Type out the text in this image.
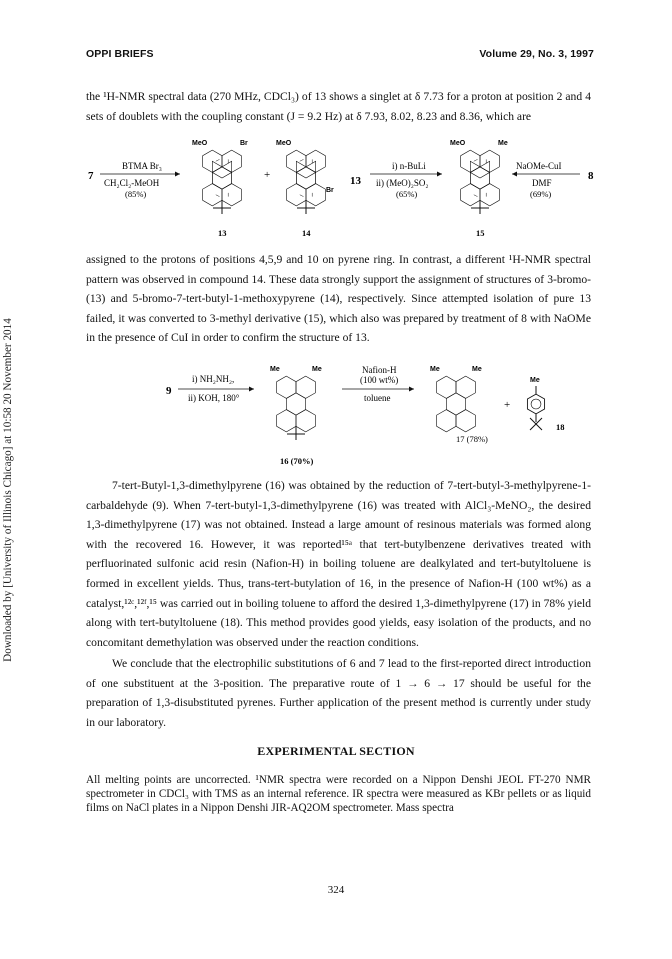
OPPI BRIEFS	Volume 29, No. 3, 1997
Downloaded by [University of Illinois Chicago] at 10:58 20 November 2014

the ¹H-NMR spectral data (270 MHz, CDCl₃) of 13 shows a singlet at δ 7.73 for a proton at position 2 and 4 sets of doublets with the coupling constant (J = 9.2 Hz) at δ 7.93, 8.02, 8.23 and 8.36, which are

7
BTMA Br₃
CH₂Cl₂-MeOH
(85%)
MeO	Br
13
+
MeO
Br
14
13
i) n-BuLi
ii) (MeO)₂SO₂
(65%)
MeO	Me
15
NaOMe-CuI
DMF
(69%)
8

assigned to the protons of positions 4,5,9 and 10 on pyrene ring. In contrast, a different ¹H-NMR spectral pattern was observed in compound 14. These data strongly support the assignment of structures of 3-bromo- (13) and 5-bromo-7-tert-butyl-1-methoxypyrene (14), respectively. Since attempted isolation of pure 13 failed, it was converted to 3-methyl derivative (15), which also was prepared by treatment of 8 with NaOMe in the presence of CuI in order to confirm the structure of 13.

9
i) NH₂NH₂,
ii) KOH, 180°
Me	Me
16 (70%)
Nafion-H
(100 wt%)
toluene
Me	Me
17 (78%)
+
Me
18

7-tert-Butyl-1,3-dimethylpyrene (16) was obtained by the reduction of 7-tert-butyl-3-methylpyrene-1-carbaldehyde (9). When 7-tert-butyl-1,3-dimethylpyrene (16) was treated with AlCl₃-MeNO₂, the desired 1,3-dimethylpyrene (17) was not obtained. Instead a large amount of resinous materials was formed along with the recovered 16. However, it was reported¹⁵ᵃ that tert-butylbenzene derivatives treated with perfluorinated sulfonic acid resin (Nafion-H) in boiling toluene are dealkylated and tert-butyltoluene is formed in excellent yields. Thus, trans-tert-butylation of 16, in the presence of Nafion-H (100 wt%) as a catalyst,¹²ᶜ,¹²ᶠ,¹⁵ was carried out in boiling toluene to afford the desired 1,3-dimethylpyrene (17) in 78% yield along with tert-butyltoluene (18). This method provides good yields, easy isolation of the products, and no concomitant demethylation was observed under the reaction conditions.

We conclude that the electrophilic substitutions of 6 and 7 lead to the first-reported direct introduction of one substituent at the 3-position. The preparative route of 1 → 6 → 17 should be useful for the preparation of 1,3-disubstituted pyrenes. Further application of the present method is currently under study in our laboratory.

EXPERIMENTAL SECTION

All melting points are uncorrected. ¹NMR spectra were recorded on a Nippon Denshi JEOL FT-270 NMR spectrometer in CDCl₃ with TMS as an internal reference. IR spectra were measured as KBr pellets or as liquid films on NaCl plates in a Nippon Denshi JIR-AQ2OM spectrometer. Mass spectra

324
